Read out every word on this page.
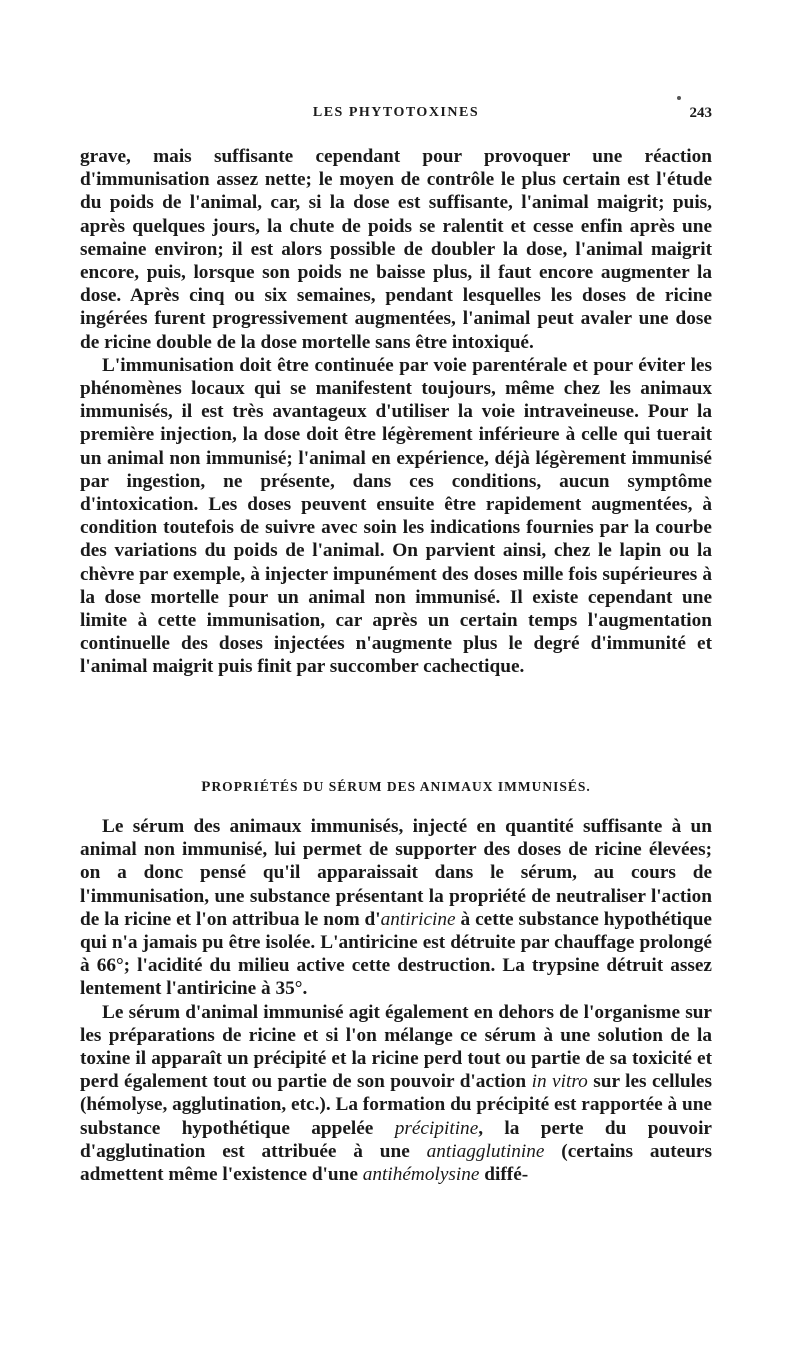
LES PHYTOTOXINES	243

grave, mais suffisante cependant pour provoquer une réaction d'immunisation assez nette; le moyen de contrôle le plus certain est l'étude du poids de l'animal, car, si la dose est suffisante, l'animal maigrit; puis, après quelques jours, la chute de poids se ralentit et cesse enfin après une semaine environ; il est alors possible de doubler la dose, l'animal maigrit encore, puis, lorsque son poids ne baisse plus, il faut encore augmenter la dose. Après cinq ou six semaines, pendant lesquelles les doses de ricine ingérées furent progressivement augmentées, l'animal peut avaler une dose de ricine double de la dose mortelle sans être intoxiqué.

L'immunisation doit être continuée par voie parentérale et pour éviter les phénomènes locaux qui se manifestent toujours, même chez les animaux immunisés, il est très avantageux d'utiliser la voie intraveineuse. Pour la première injection, la dose doit être légèrement inférieure à celle qui tuerait un animal non immunisé; l'animal en expérience, déjà légèrement immunisé par ingestion, ne présente, dans ces conditions, aucun symptôme d'intoxication. Les doses peuvent ensuite être rapidement augmentées, à condition toutefois de suivre avec soin les indications fournies par la courbe des variations du poids de l'animal. On parvient ainsi, chez le lapin ou la chèvre par exemple, à injecter impunément des doses mille fois supérieures à la dose mortelle pour un animal non immunisé. Il existe cependant une limite à cette immunisation, car après un certain temps l'augmentation continuelle des doses injectées n'augmente plus le degré d'immunité et l'animal maigrit puis finit par succomber cachectique.

PROPRIÉTÉS DU SÉRUM DES ANIMAUX IMMUNISÉS.

Le sérum des animaux immunisés, injecté en quantité suffisante à un animal non immunisé, lui permet de supporter des doses de ricine élevées; on a donc pensé qu'il apparaissait dans le sérum, au cours de l'immunisation, une substance présentant la propriété de neutraliser l'action de la ricine et l'on attribua le nom d'antiricine à cette substance hypothétique qui n'a jamais pu être isolée. L'antiricine est détruite par chauffage prolongé à 66°; l'acidité du milieu active cette destruction. La trypsine détruit assez lentement l'antiricine à 35°.

Le sérum d'animal immunisé agit également en dehors de l'organisme sur les préparations de ricine et si l'on mélange ce sérum à une solution de la toxine il apparaît un précipité et la ricine perd tout ou partie de sa toxicité et perd également tout ou partie de son pouvoir d'action in vitro sur les cellules (hémolyse, agglutination, etc.). La formation du précipité est rapportée à une substance hypothétique appelée précipitine, la perte du pouvoir d'agglutination est attribuée à une antiagglutinine (certains auteurs admettent même l'existence d'une antihémolysine diffé-
